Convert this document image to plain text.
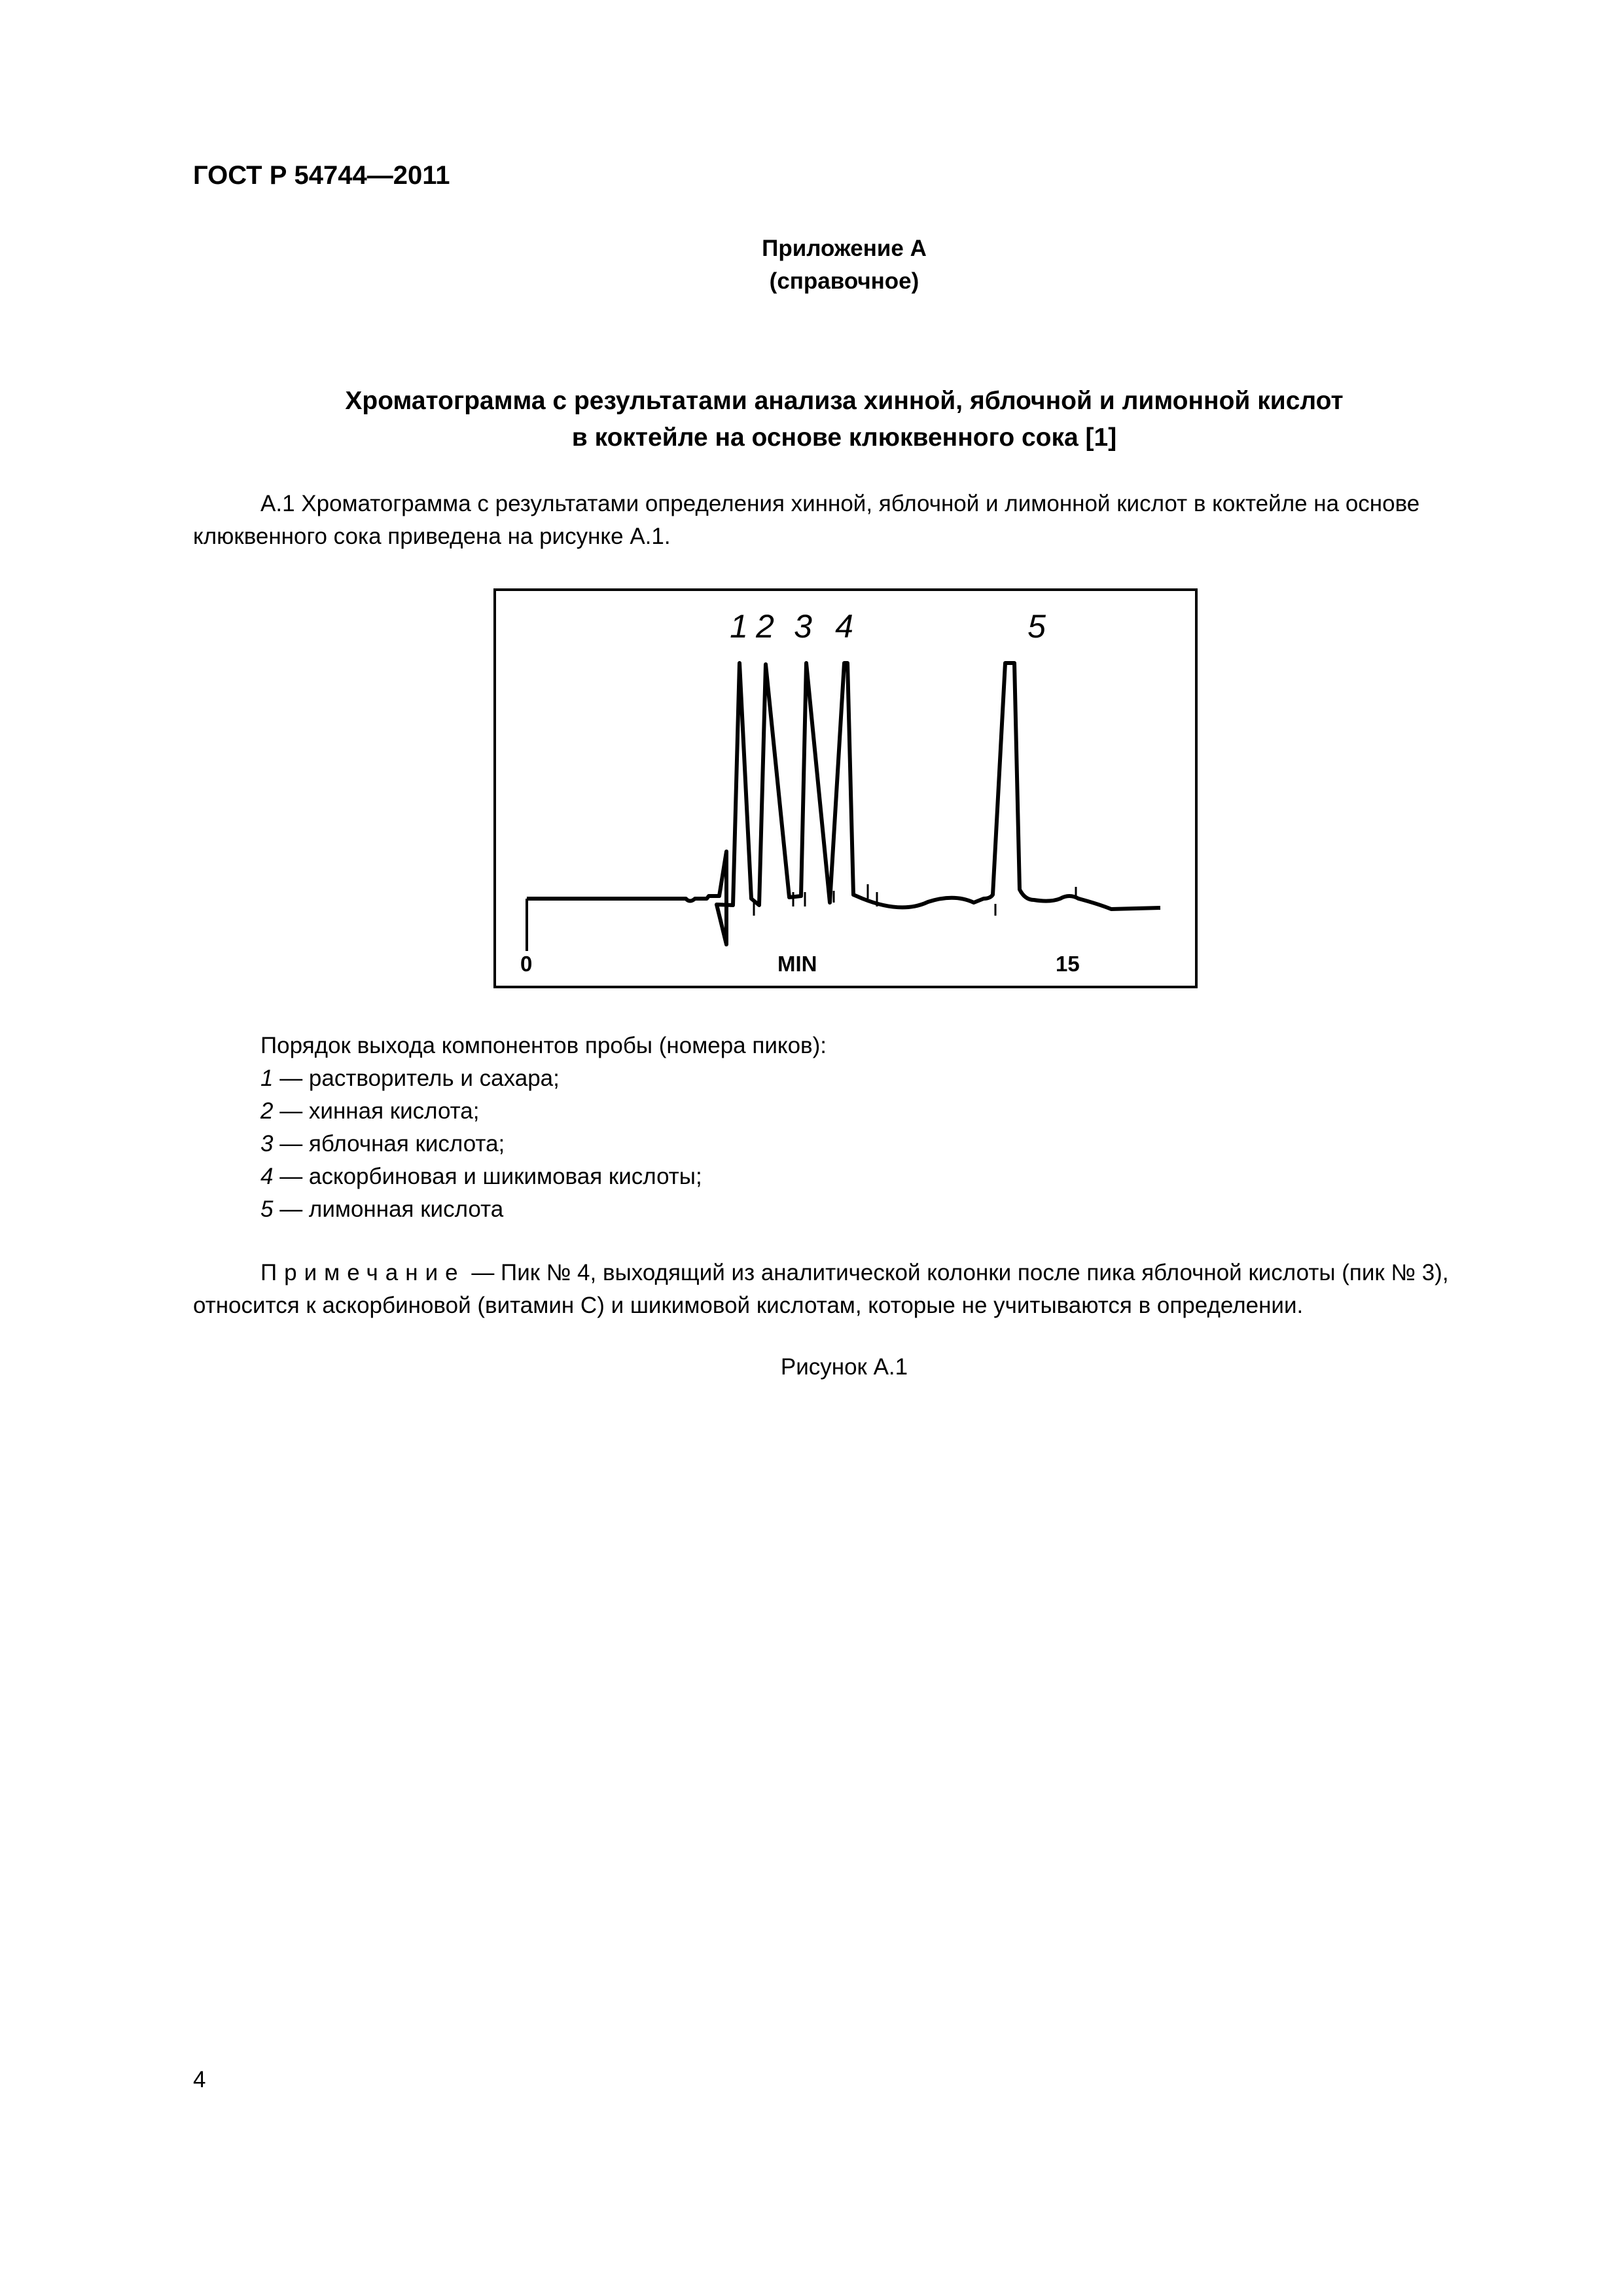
ГОСТ Р 54744—2011
Приложение А
(справочное)
Хроматограмма с результатами анализа хинной, яблочной и лимонной кислот
в коктейле на основе клюквенного сока [1]

А.1 Хроматограмма с результатами определения хинной, яблочной и лимонной кислот в коктейле на основе клюквенного сока приведена на рисунке А.1.

1 2 3 4	5
0	MIN	15
Порядок выхода компонентов пробы (номера пиков):
1 — растворитель и сахара;
2 — хинная кислота;
3 — яблочная кислота;
4 — аскорбиновая и шикимовая кислоты;
5 — лимонная кислота

Примечание — Пик № 4, выходящий из аналитической колонки после пика яблочной кислоты (пик № 3), относится к аскорбиновой (витамин С) и шикимовой кислотам, которые не учитываются в определении.

Рисунок А.1
4
